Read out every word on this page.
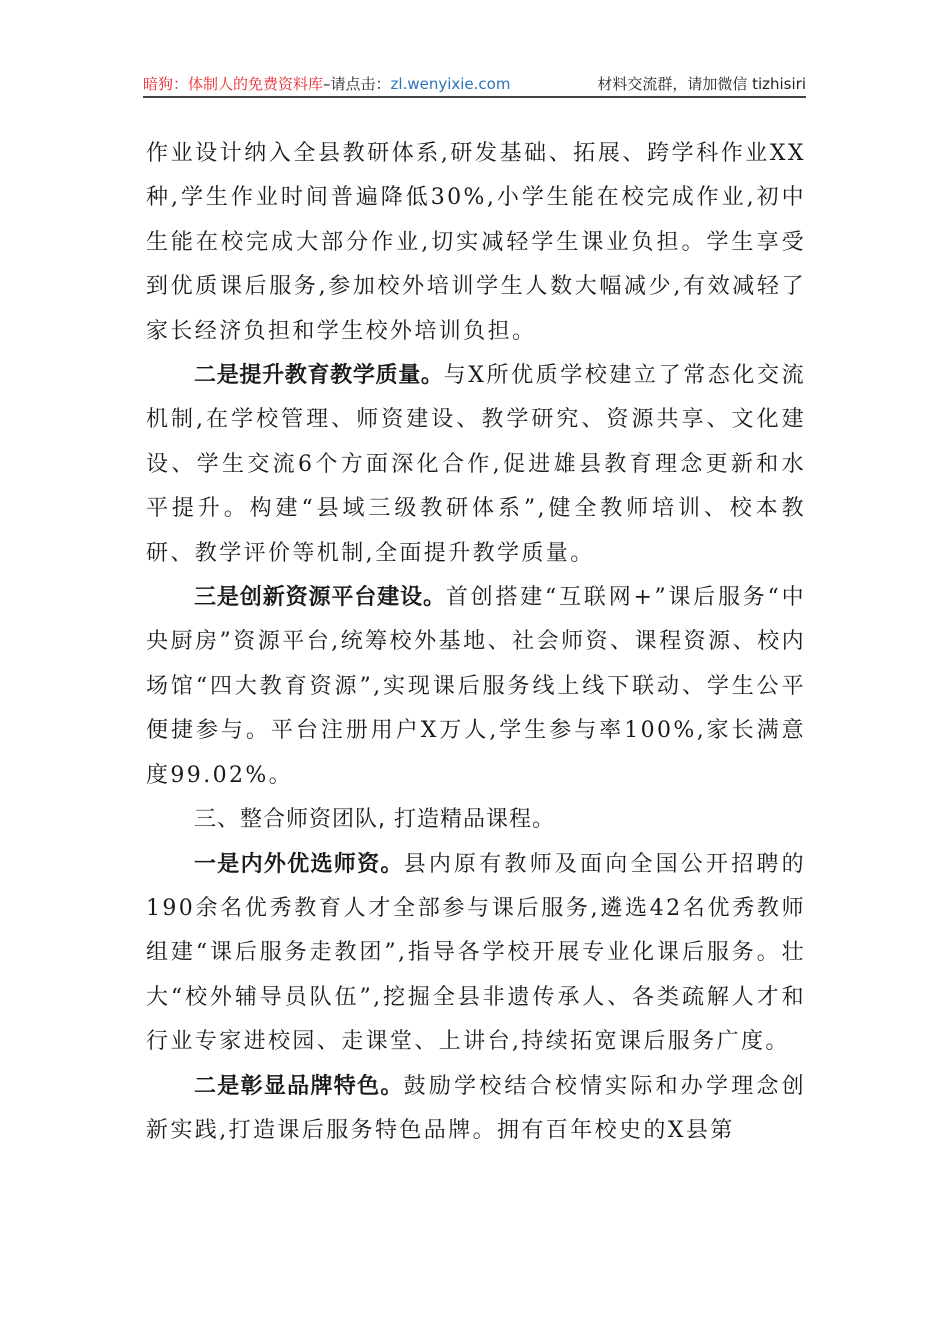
暗狗：体制人的免费资料库–请点击：zl.wenyixie.com	材料交流群，请加微信 tizhisiri

作业设计纳入全县教研体系,研发基础、拓展、跨学科作业XX种,学生作业时间普遍降低30%,小学生能在校完成作业,初中生能在校完成大部分作业,切实减轻学生课业负担。学生享受到优质课后服务,参加校外培训学生人数大幅减少,有效减轻了家长经济负担和学生校外培训负担。

二是提升教育教学质量。与X所优质学校建立了常态化交流机制,在学校管理、师资建设、教学研究、资源共享、文化建设、学生交流6个方面深化合作,促进雄县教育理念更新和水平提升。构建“县域三级教研体系”,健全教师培训、校本教研、教学评价等机制,全面提升教学质量。

三是创新资源平台建设。首创搭建“互联网+”课后服务“中央厨房”资源平台,统筹校外基地、社会师资、课程资源、校内场馆“四大教育资源”,实现课后服务线上线下联动、学生公平便捷参与。平台注册用户X万人,学生参与率100%,家长满意度99.02%。

三、整合师资团队, 打造精品课程。

一是内外优选师资。县内原有教师及面向全国公开招聘的190余名优秀教育人才全部参与课后服务,遴选42名优秀教师组建“课后服务走教团”,指导各学校开展专业化课后服务。壮大“校外辅导员队伍”,挖掘全县非遗传承人、各类疏解人才和行业专家进校园、走课堂、上讲台,持续拓宽课后服务广度。

二是彰显品牌特色。鼓励学校结合校情实际和办学理念创新实践,打造课后服务特色品牌。拥有百年校史的X县第
